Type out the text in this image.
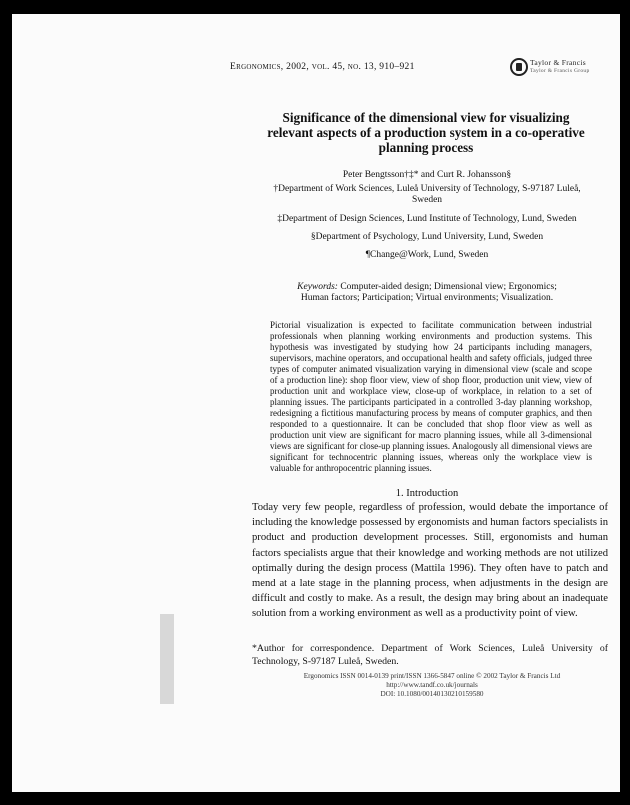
Ergonomics, 2002, vol. 45, no. 13, 910–921	Taylor & Francis
Taylor & Francis Group
Significance of the dimensional view for visualizing relevant aspects of a production system in a co-operative planning process
Peter Bengtsson†‡* and Curt R. Johansson§
†Department of Work Sciences, Luleå University of Technology, S-97187 Luleå, Sweden
‡Department of Design Sciences, Lund Institute of Technology, Lund, Sweden
§Department of Psychology, Lund University, Lund, Sweden
¶Change@Work, Lund, Sweden
Keywords: Computer-aided design; Dimensional view; Ergonomics; Human factors; Participation; Virtual environments; Visualization.
Pictorial visualization is expected to facilitate communication between industrial professionals when planning working environments and production systems. This hypothesis was investigated by studying how 24 participants including managers, supervisors, machine operators, and occupational health and safety officials, judged three types of computer animated visualization varying in dimensional view (scale and scope of a production line): shop floor view, view of shop floor, production unit view, view of production unit and workplace view, close-up of workplace, in relation to a set of planning issues. The participants participated in a controlled 3-day planning workshop, redesigning a fictitious manufacturing process by means of computer graphics, and then responded to a questionnaire. It can be concluded that shop floor view as well as production unit view are significant for macro planning issues, while all 3-dimensional views are significant for close-up planning issues. Analogously all dimensional views are significant for technocentric planning issues, whereas only the workplace view is valuable for anthropocentric planning issues.
1. Introduction
Today very few people, regardless of profession, would debate the importance of including the knowledge possessed by ergonomists and human factors specialists in product and production development processes. Still, ergonomists and human factors specialists argue that their knowledge and working methods are not utilized optimally during the design process (Mattila 1996). They often have to patch and mend at a late stage in the planning process, when adjustments in the design are difficult and costly to make. As a result, the design may bring about an inadequate solution from a working environment as well as a productivity point of view.
*Author for correspondence. Department of Work Sciences, Luleå University of Technology, S-97187 Luleå, Sweden.
Ergonomics ISSN 0014-0139 print/ISSN 1366-5847 online © 2002 Taylor & Francis Ltd
http://www.tandf.co.uk/journals
DOI: 10.1080/00140130210159580
